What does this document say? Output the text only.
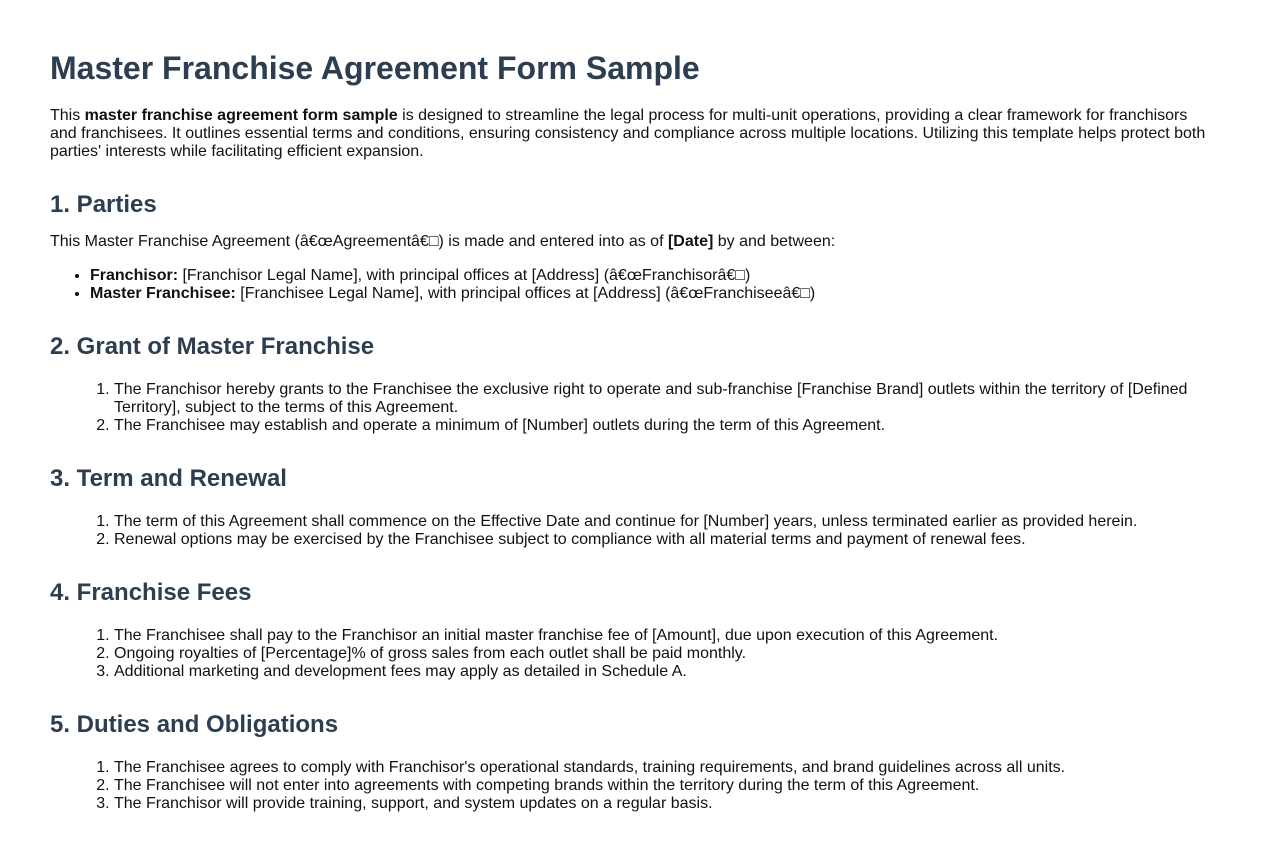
Master Franchise Agreement Form Sample

This master franchise agreement form sample is designed to streamline the legal process for multi-unit operations, providing a clear framework for franchisors and franchisees. It outlines essential terms and conditions, ensuring consistency and compliance across multiple locations. Utilizing this template helps protect both parties' interests while facilitating efficient expansion.

1. Parties

This Master Franchise Agreement (â€œAgreementâ€□) is made and entered into as of [Date] by and between:

• Franchisor: [Franchisor Legal Name], with principal offices at [Address] (â€œFranchisorâ€□)
• Master Franchisee: [Franchisee Legal Name], with principal offices at [Address] (â€œFranchiseeâ€□)
2. Grant of Master Franchise
1. The Franchisor hereby grants to the Franchisee the exclusive right to operate and sub-franchise [Franchise Brand] outlets within the territory of [Defined Territory], subject to the terms of this Agreement.
2. The Franchisee may establish and operate a minimum of [Number] outlets during the term of this Agreement.
3. Term and Renewal
1. The term of this Agreement shall commence on the Effective Date and continue for [Number] years, unless terminated earlier as provided herein.
2. Renewal options may be exercised by the Franchisee subject to compliance with all material terms and payment of renewal fees.
4. Franchise Fees
1. The Franchisee shall pay to the Franchisor an initial master franchise fee of [Amount], due upon execution of this Agreement.
2. Ongoing royalties of [Percentage]% of gross sales from each outlet shall be paid monthly.
3. Additional marketing and development fees may apply as detailed in Schedule A.
5. Duties and Obligations
1. The Franchisee agrees to comply with Franchisor's operational standards, training requirements, and brand guidelines across all units.
2. The Franchisee will not enter into agreements with competing brands within the territory during the term of this Agreement.
3. The Franchisor will provide training, support, and system updates on a regular basis.
